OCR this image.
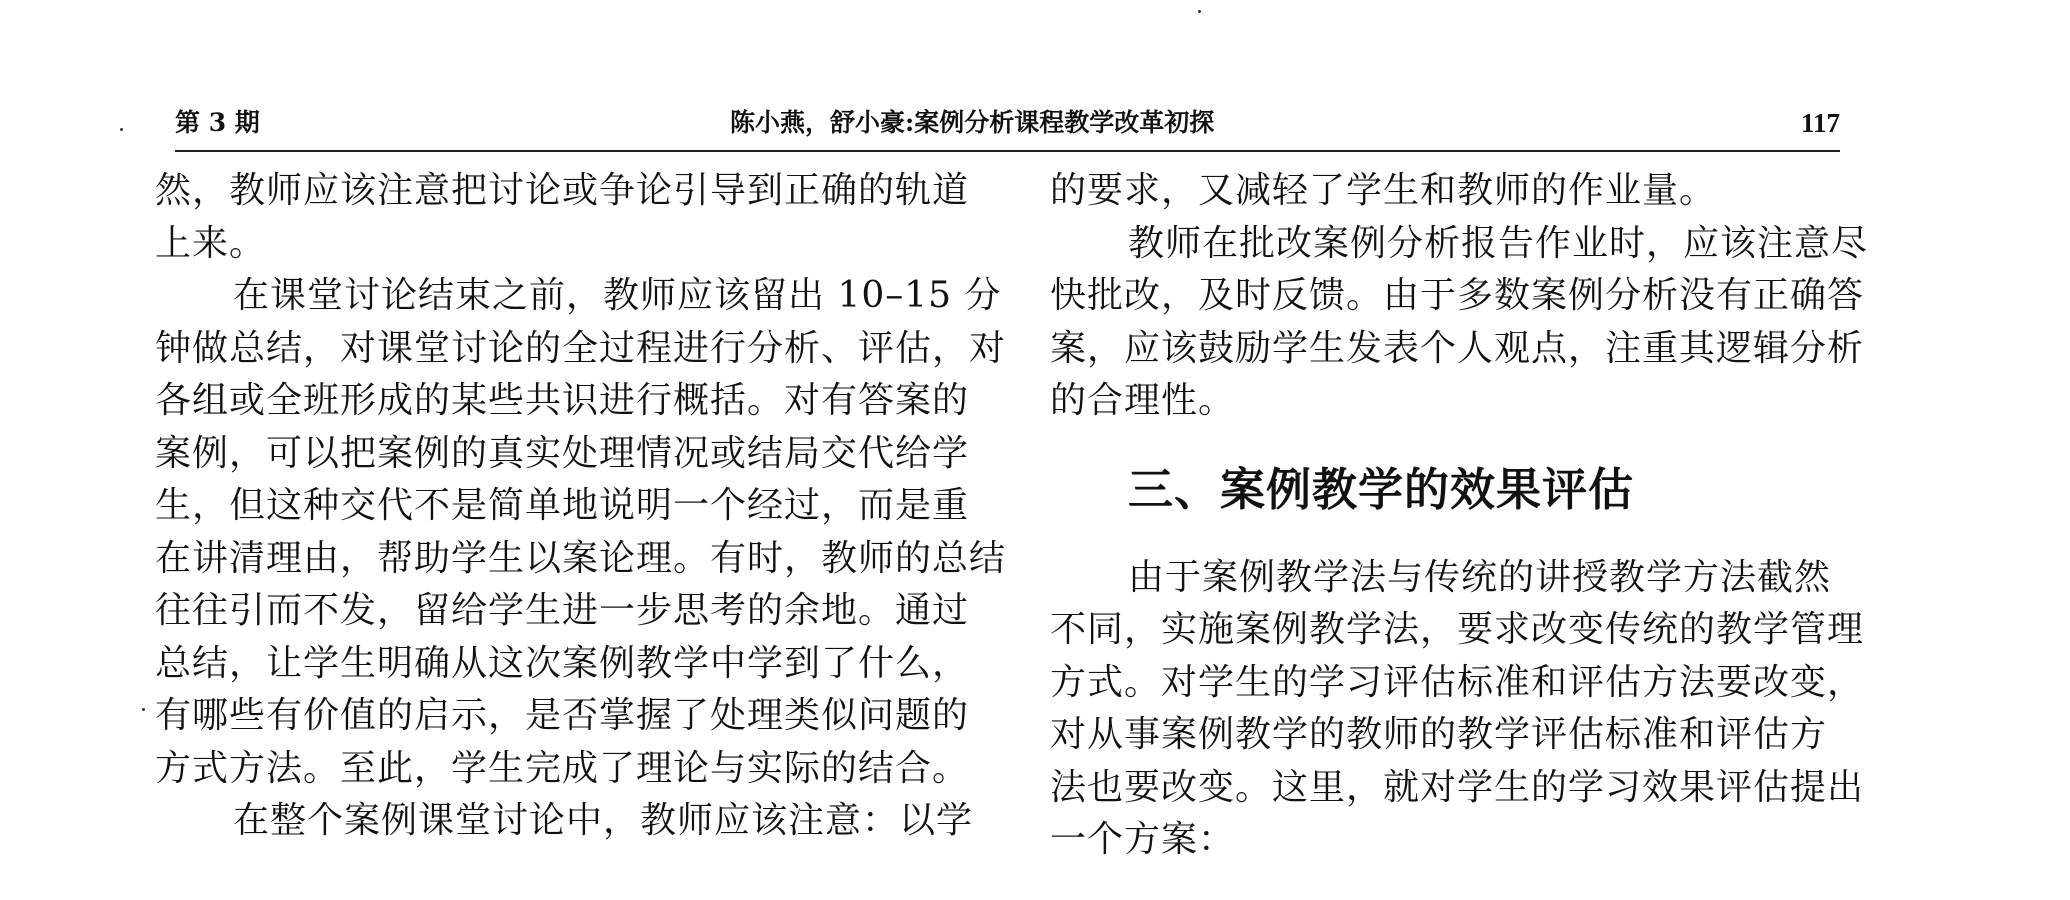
第 3 期	陈小燕，舒小豪:案例分析课程教学改革初探	117
然，教师应该注意把讨论或争论引导到正确的轨道
上来。
在课堂讨论结束之前，教师应该留出 10–15 分
钟做总结，对课堂讨论的全过程进行分析、评估，对
各组或全班形成的某些共识进行概括。对有答案的
案例，可以把案例的真实处理情况或结局交代给学
生，但这种交代不是简单地说明一个经过，而是重
在讲清理由，帮助学生以案论理。有时，教师的总结
往往引而不发，留给学生进一步思考的余地。通过
总结，让学生明确从这次案例教学中学到了什么，
有哪些有价值的启示，是否掌握了处理类似问题的
方式方法。至此，学生完成了理论与实际的结合。
在整个案例课堂讨论中，教师应该注意：以学
的要求，又减轻了学生和教师的作业量。
教师在批改案例分析报告作业时，应该注意尽
快批改，及时反馈。由于多数案例分析没有正确答
案，应该鼓励学生发表个人观点，注重其逻辑分析
的合理性。
三、案例教学的效果评估
由于案例教学法与传统的讲授教学方法截然
不同，实施案例教学法，要求改变传统的教学管理
方式。对学生的学习评估标准和评估方法要改变，
对从事案例教学的教师的教学评估标准和评估方
法也要改变。这里，就对学生的学习效果评估提出
一个方案：
